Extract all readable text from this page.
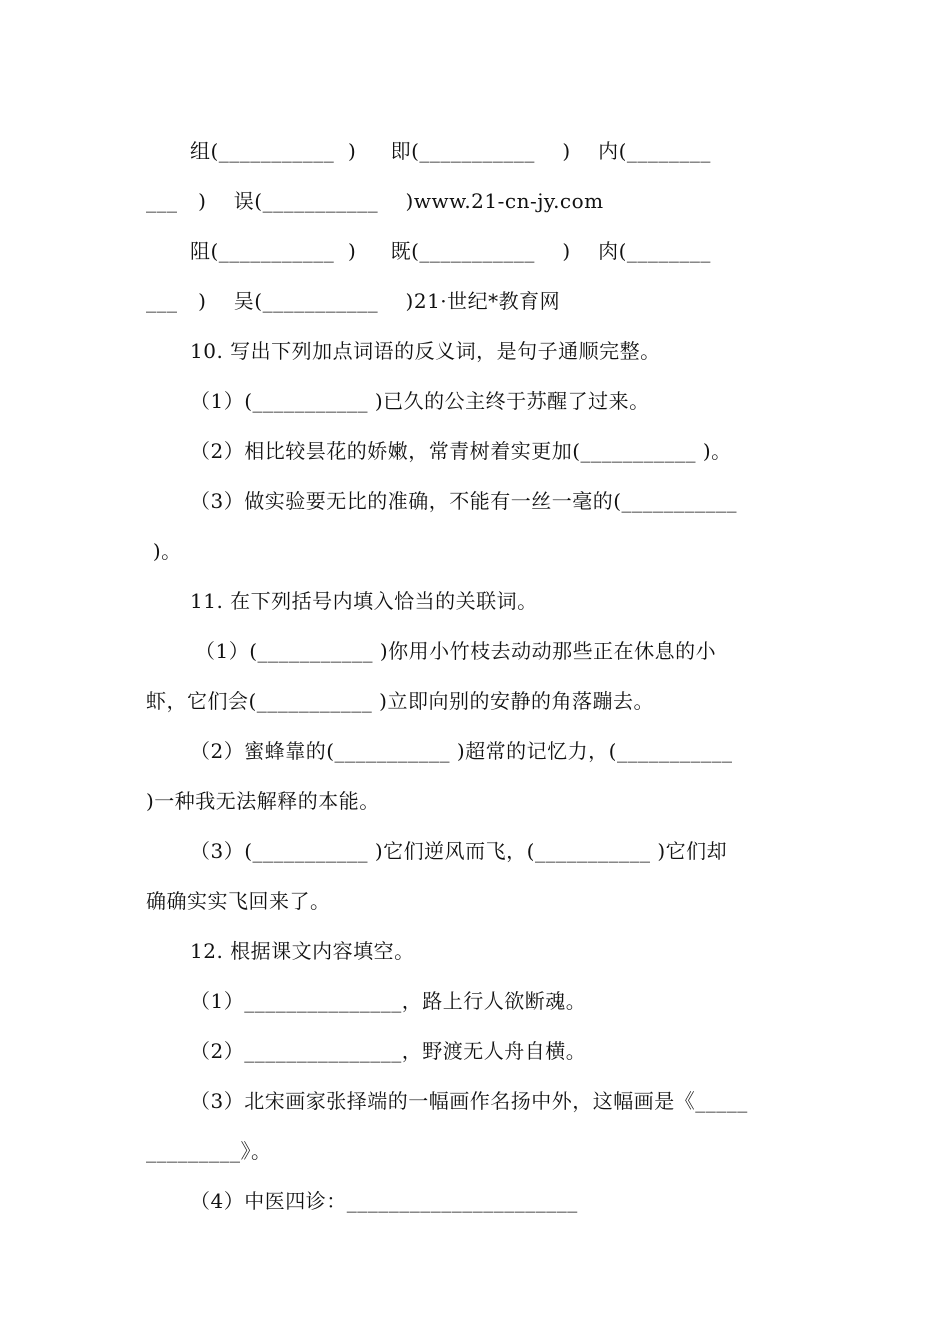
组(___________  )     即(___________    )    内(________
___   )    误(___________    )www.21-cn-jy.com
阻(___________  )     既(___________    )    肉(________
___   )    吴(___________    )21·世纪*教育网
10. 写出下列加点词语的反义词，是句子通顺完整。
（1）(___________ )已久的公主终于苏醒了过来。
（2）相比较昙花的娇嫩，常青树着实更加(___________ )。
（3）做实验要无比的准确，不能有一丝一毫的(___________
)。
11. 在下列括号内填入恰当的关联词。
（1）(___________ )你用小竹枝去动动那些正在休息的小
虾，它们会(___________ )立即向别的安静的角落蹦去。
（2）蜜蜂靠的(___________ )超常的记忆力，(___________
)一种我无法解释的本能。
（3）(___________ )它们逆风而飞，(___________ )它们却
确确实实飞回来了。
12. 根据课文内容填空。
（1）_______________，路上行人欲断魂。
（2）_______________，野渡无人舟自横。
（3）北宋画家张择端的一幅画作名扬中外，这幅画是《_____
_________》。
（4）中医四诊：______________________
